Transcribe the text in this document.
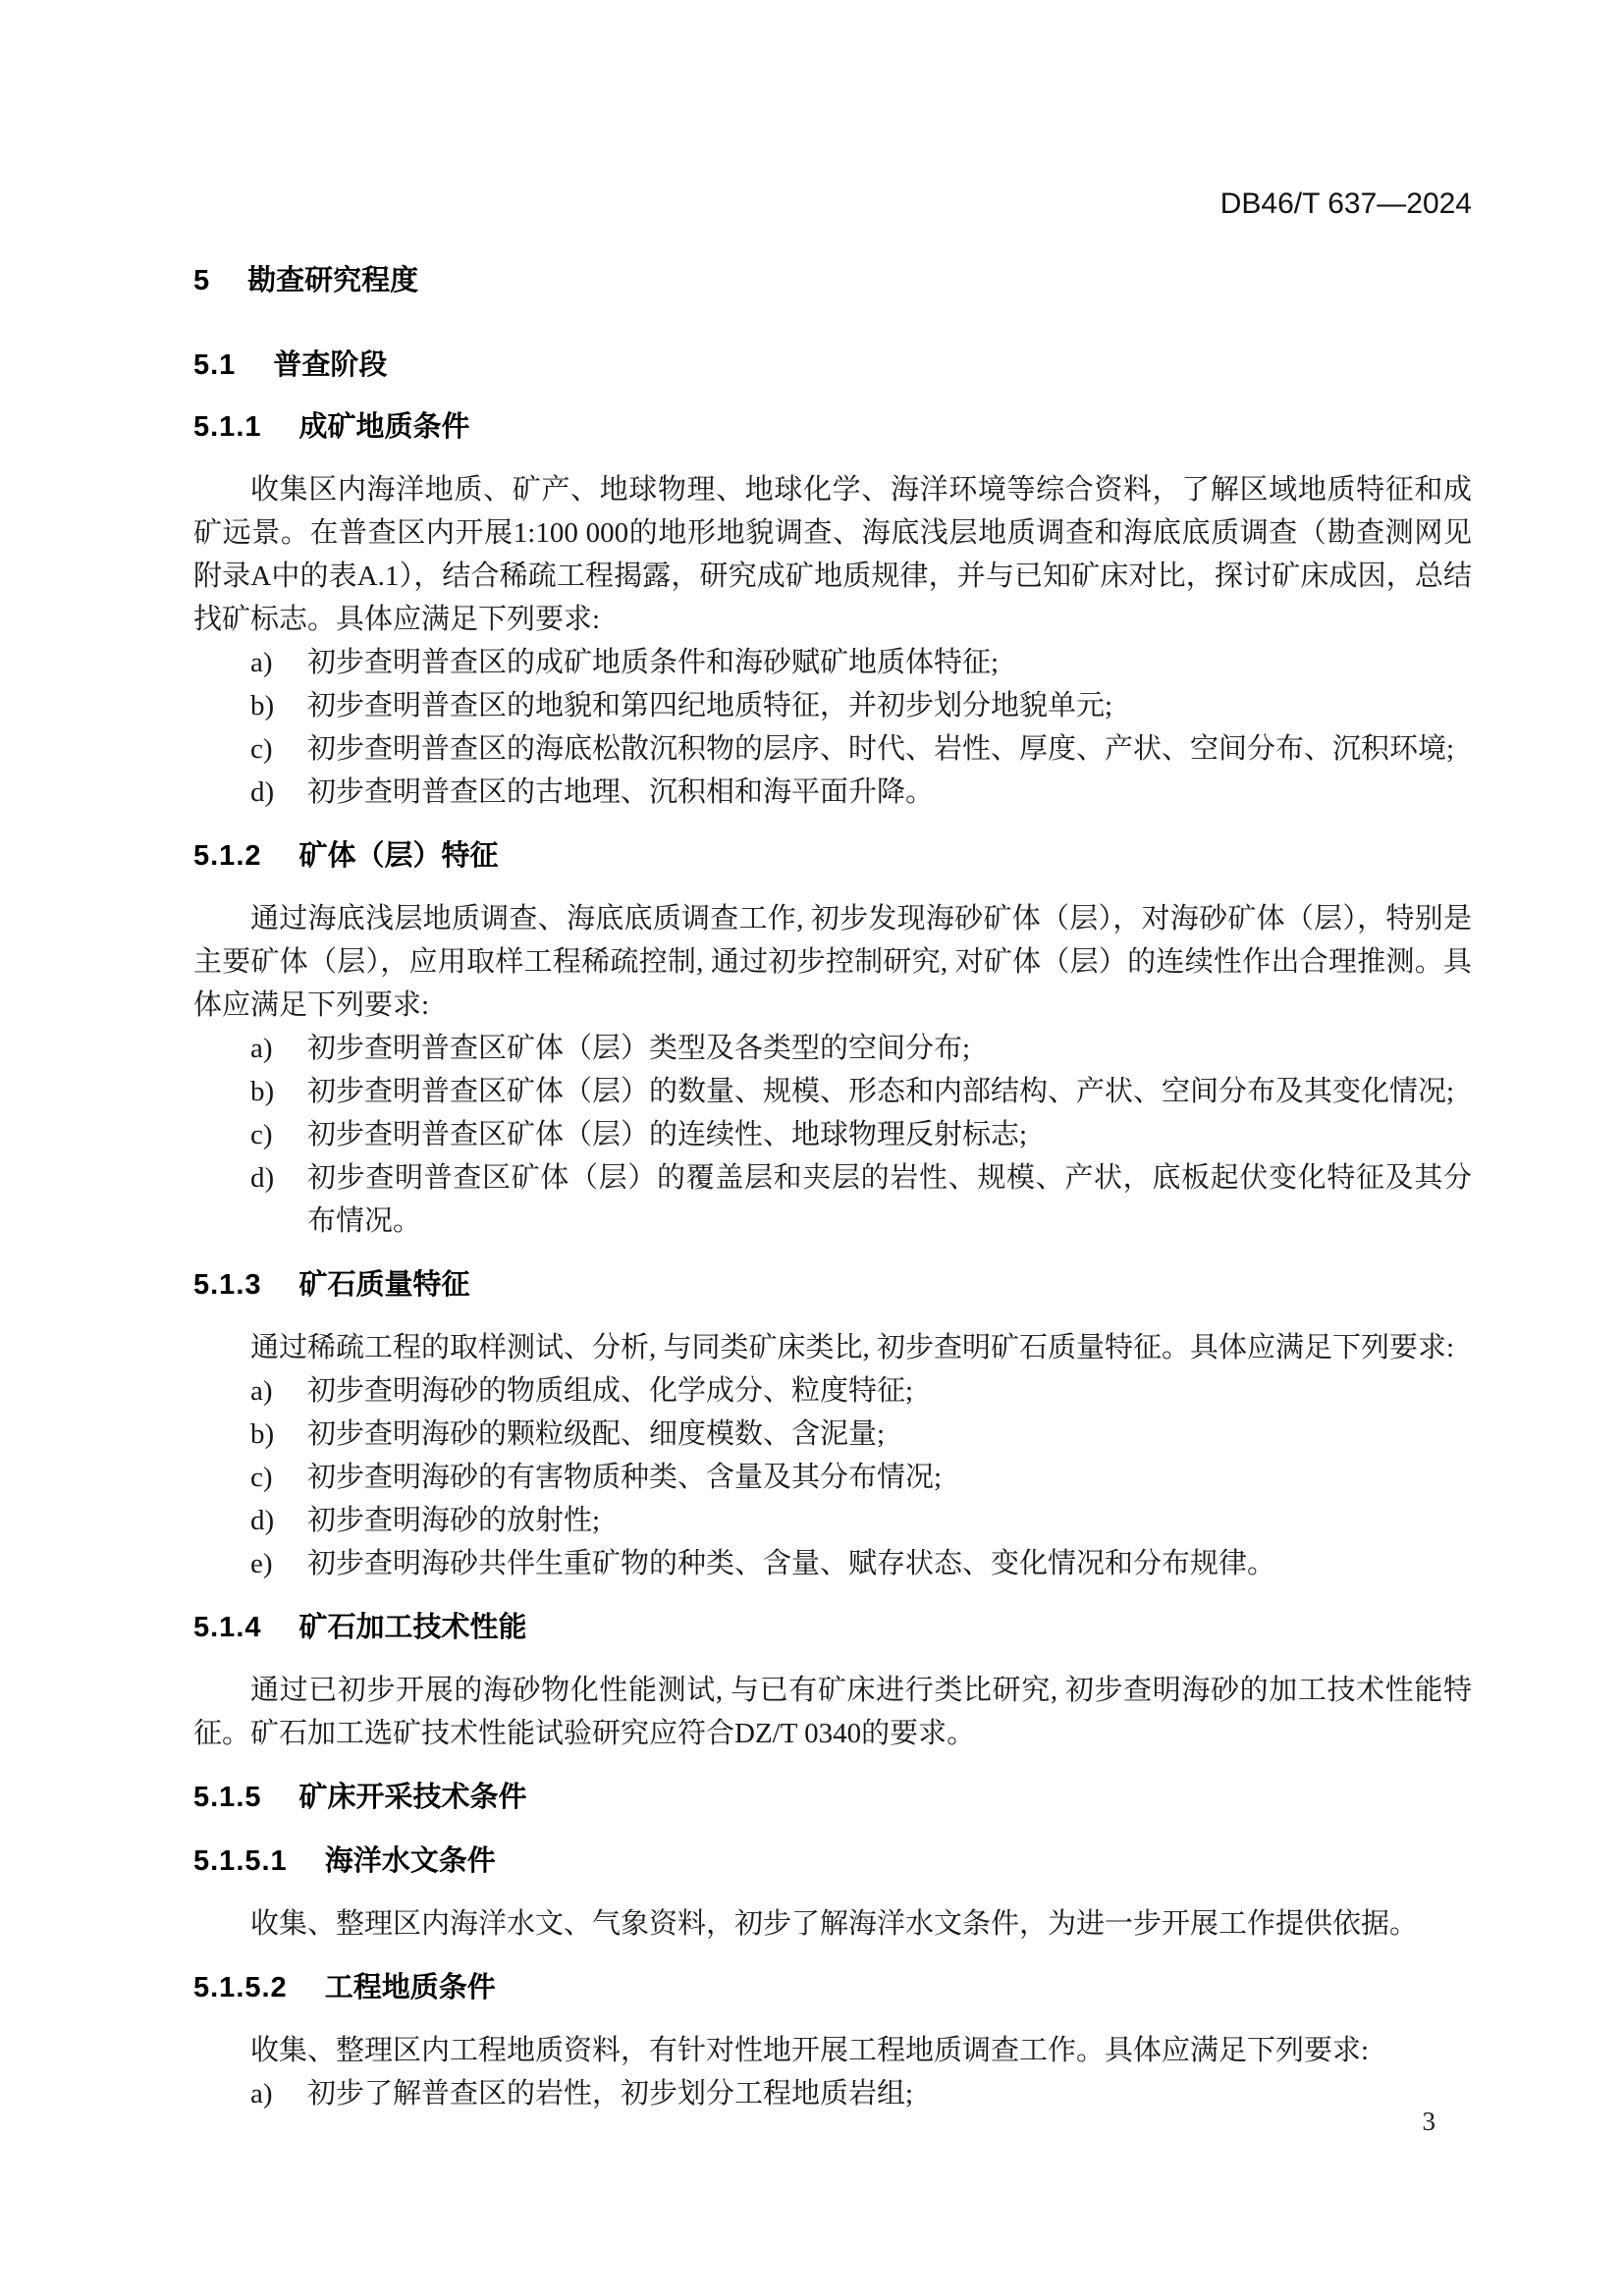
DB46/T 637—2024
5 勘查研究程度
5.1 普查阶段
5.1.1 成矿地质条件

收集区内海洋地质、矿产、地球物理、地球化学、海洋环境等综合资料，了解区域地质特征和成矿远景。在普查区内开展1:100 000的地形地貌调查、海底浅层地质调查和海底底质调查（勘查测网见附录A中的表A.1），结合稀疏工程揭露，研究成矿地质规律，并与已知矿床对比，探讨矿床成因，总结找矿标志。具体应满足下列要求:

a) 初步查明普查区的成矿地质条件和海砂赋矿地质体特征;
b) 初步查明普查区的地貌和第四纪地质特征，并初步划分地貌单元;
c) 初步查明普查区的海底松散沉积物的层序、时代、岩性、厚度、产状、空间分布、沉积环境;
d) 初步查明普查区的古地理、沉积相和海平面升降。
5.1.2 矿体（层）特征

通过海底浅层地质调查、海底底质调查工作, 初步发现海砂矿体（层），对海砂矿体（层），特别是主要矿体（层），应用取样工程稀疏控制, 通过初步控制研究, 对矿体（层）的连续性作出合理推测。具体应满足下列要求:

a) 初步查明普查区矿体（层）类型及各类型的空间分布;
b) 初步查明普查区矿体（层）的数量、规模、形态和内部结构、产状、空间分布及其变化情况;
c) 初步查明普查区矿体（层）的连续性、地球物理反射标志;
d) 初步查明普查区矿体（层）的覆盖层和夹层的岩性、规模、产状，底板起伏变化特征及其分布情况。
5.1.3 矿石质量特征

通过稀疏工程的取样测试、分析, 与同类矿床类比, 初步查明矿石质量特征。具体应满足下列要求:

a) 初步查明海砂的物质组成、化学成分、粒度特征;
b) 初步查明海砂的颗粒级配、细度模数、含泥量;
c) 初步查明海砂的有害物质种类、含量及其分布情况;
d) 初步查明海砂的放射性;
e) 初步查明海砂共伴生重矿物的种类、含量、赋存状态、变化情况和分布规律。
5.1.4 矿石加工技术性能

通过已初步开展的海砂物化性能测试, 与已有矿床进行类比研究, 初步查明海砂的加工技术性能特征。矿石加工选矿技术性能试验研究应符合DZ/T 0340的要求。

5.1.5 矿床开采技术条件
5.1.5.1 海洋水文条件

收集、整理区内海洋水文、气象资料，初步了解海洋水文条件，为进一步开展工作提供依据。

5.1.5.2 工程地质条件

收集、整理区内工程地质资料，有针对性地开展工程地质调查工作。具体应满足下列要求:

a) 初步了解普查区的岩性，初步划分工程地质岩组;
3
